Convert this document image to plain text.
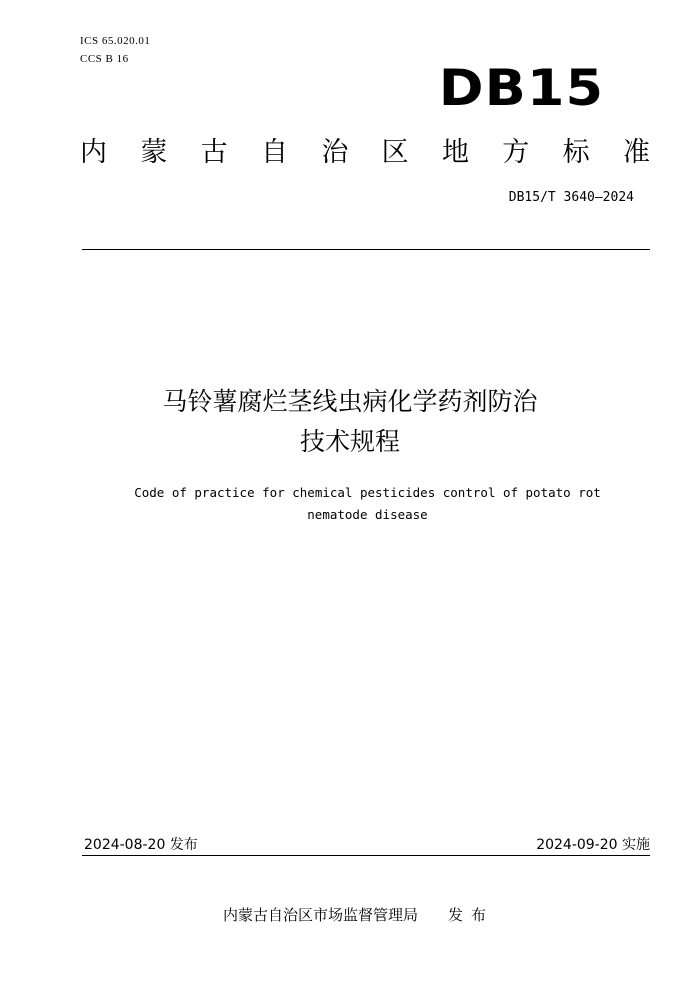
ICS 65.020.01
CCS B 16	DB15
内 蒙 古 自 治 区 地 方 标 准
DB15/T 3640—2024
马铃薯腐烂茎线虫病化学药剂防治
技术规程
Code of practice for chemical pesticides control of potato rot
nematode disease
2024-08-20 发布	2024-09-20 实施
内蒙古自治区市场监督管理局 发布
